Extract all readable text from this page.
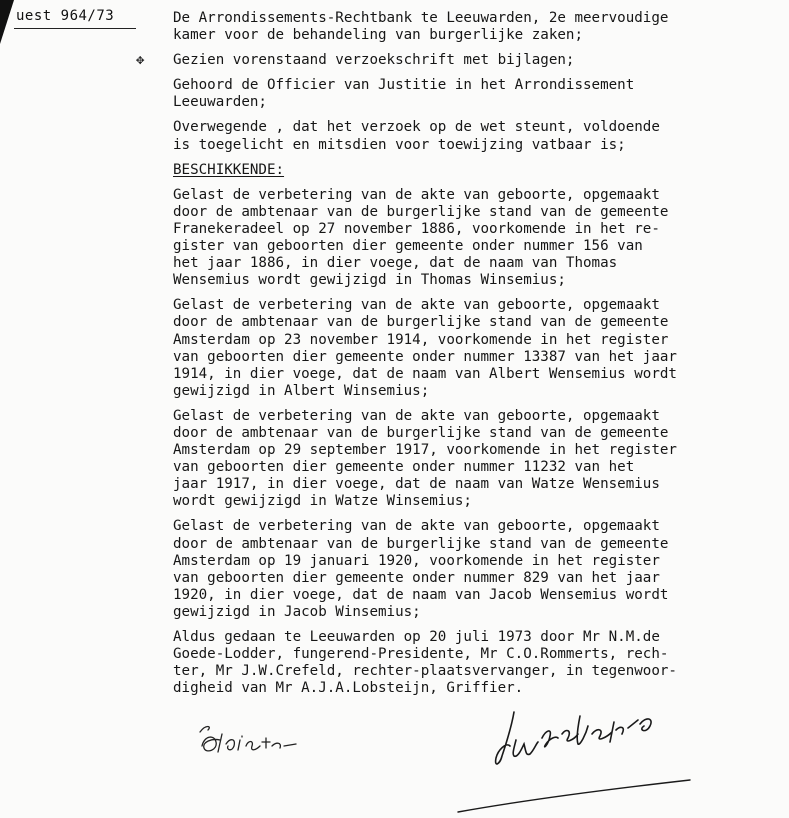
uest 964/73
✥
De Arrondissements-Rechtbank te Leeuwarden, 2e meervoudige
kamer voor de behandeling van burgerlijke zaken;
Gezien vorenstaand verzoekschrift met bijlagen;
Gehoord de Officier van Justitie in het Arrondissement
Leeuwarden;
Overwegende , dat het verzoek op de wet steunt, voldoende
is toegelicht en mitsdien voor toewijzing vatbaar is;
BESCHIKKENDE:
Gelast de verbetering van de akte van geboorte, opgemaakt
door de ambtenaar van de burgerlijke stand van de gemeente
Franekeradeel op 27 november 1886, voorkomende in het re-
gister van geboorten dier gemeente onder nummer 156 van
het jaar 1886, in dier voege, dat de naam van Thomas
Wensemius wordt gewijzigd in Thomas Winsemius;
Gelast de verbetering van de akte van geboorte, opgemaakt
door de ambtenaar van de burgerlijke stand van de gemeente
Amsterdam op 23 november 1914, voorkomende in het register
van geboorten dier gemeente onder nummer 13387 van het jaar
1914, in dier voege, dat de naam van Albert Wensemius wordt
gewijzigd in Albert Winsemius;
Gelast de verbetering van de akte van geboorte, opgemaakt
door de ambtenaar van de burgerlijke stand van de gemeente
Amsterdam op 29 september 1917, voorkomende in het register
van geboorten dier gemeente onder nummer 11232 van het
jaar 1917, in dier voege, dat de naam van Watze Wensemius
wordt gewijzigd in Watze Winsemius;
Gelast de verbetering van de akte van geboorte, opgemaakt
door de ambtenaar van de burgerlijke stand van de gemeente
Amsterdam op 19 januari 1920, voorkomende in het register
van geboorten dier gemeente onder nummer 829 van het jaar
1920, in dier voege, dat de naam van Jacob Wensemius wordt
gewijzigd in Jacob Winsemius;
Aldus gedaan te Leeuwarden op 20 juli 1973 door Mr N.M.de
Goede-Lodder, fungerend-Presidente, Mr C.O.Rommerts, rech-
ter, Mr J.W.Crefeld, rechter-plaatsvervanger, in tegenwoor-
digheid van Mr A.J.A.Lobsteijn, Griffier.
